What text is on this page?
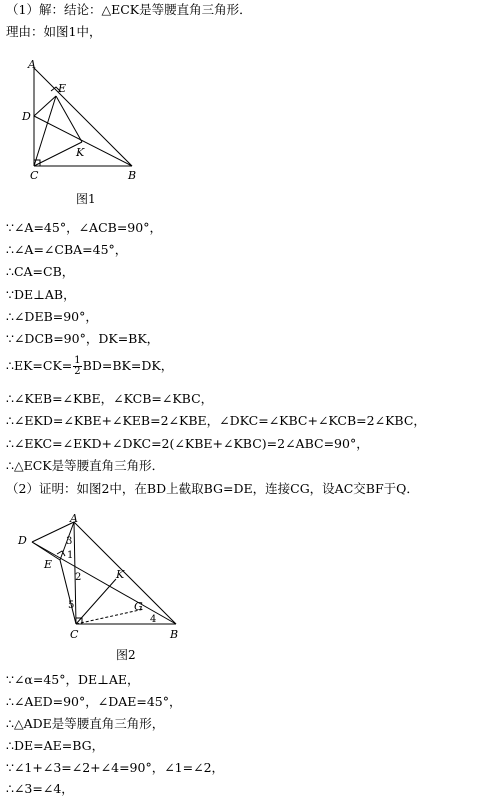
（1）解：结论：△ECK是等腰直角三角形．
理由：如图1中，
A
E
D
K
C	B
图1
∵∠A=45°，∠ACB=90°，
∴∠A=∠CBA=45°，
∴CA=CB，
∵DE⊥AB，
∴∠DEB=90°，
∵∠DCB=90°，DK=BK，
∴EK=CK= $\frac{1}{2} BD=BK=DK$，
∴∠KEB=∠KBE，∠KCB=∠KBC，
∴∠EKD=∠KBE+∠KEB=2∠KBE，∠DKC=∠KBC+∠KCB=2∠KBC，
∴∠EKC=∠EKD+∠DKC=2(∠KBE+∠KBC)=2∠ABC=90°，
∴△ECK是等腰直角三角形．
（2）证明：如图2中，在BD上截取BG=DE，连接CG，设AC交BF于Q．
A
D
E
K
G
C	B
3
1
2
5
4
图2
∵∠α=45°，DE⊥AE，
∴∠AED=90°，∠DAE=45°，
∴△ADE是等腰直角三角形，
∴DE=AE=BG，
∵∠1+∠3=∠2+∠4=90°，∠1=∠2，
∴∠3=∠4，
